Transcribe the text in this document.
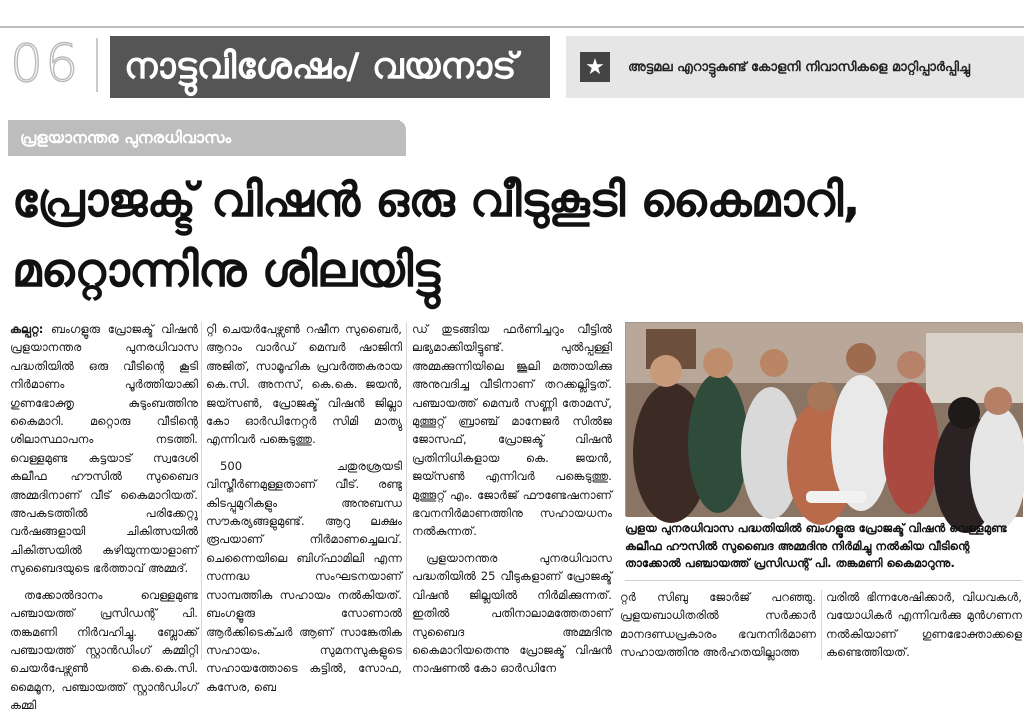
06	നാട്ടുവിശേഷം/ വയനാട്	★	അട്ടമല എറാട്ടുകുണ്ട് കോളനി നിവാസികളെ മാറ്റിപ്പാർപ്പിച്ചു
പ്രളയാനന്തര പുനരധിവാസം
പ്രോജക്ട് വിഷൻ ഒരു വീടുകൂടി കൈമാറി,
മറ്റൊന്നിനു ശിലയിട്ടു

കല്പറ്റ: ബംഗളൂരു പ്രോജക്ട് വിഷൻ പ്രളയാനന്തര പുനരധിവാസ പദ്ധതിയിൽ ഒരു വീടിന്റെ കൂടി നിർമാണം പൂർത്തിയാക്കി ഗുണഭോക്തൃ കുടുംബത്തിനു കൈമാറി. മറ്റൊരു വീടിന്റെ ശിലാസ്ഥാപനം നടത്തി. വെള്ളമുണ്ട കട്ടയാട് സ്വദേശി കലീഫ ഹൗസിൽ സുബൈദ അമ്മദിനാണ് വീട് കൈമാറിയത്. അപകടത്തിൽ പരിക്കേറ്റു വർഷങ്ങളായി ചികിത്സയിൽ ചികിത്സയിൽ കഴിയുന്നയാളാണ് സുബൈദയുടെ ഭർത്താവ് അമ്മദ്.

തക്കോൽദാനം വെള്ളമുണ്ട പഞ്ചായത്ത് പ്രസിഡന്റ് പി. തങ്കമണി നിർവഹിച്ചു. ബ്ലോക്ക് പഞ്ചായത്ത് സ്റ്റാൻഡിംഗ് കമ്മിറ്റി ചെയർപേഴ്സൺ കെ.കെ.സി. മൈമൂന, പഞ്ചായത്ത് സ്റ്റാൻഡിംഗ് കമ്മി

റ്റി ചെയർപേഴ്സൺ റഷീന സുബൈർ, ആറാം വാർഡ് മെമ്പർ ഷാജിനി അജിത്, സാമൂഹിക പ്രവർത്തകരായ കെ.സി. അനസ്, കെ.കെ. ജയൻ, ജയ്സൺ, പ്രോജക്ട് വിഷൻ ജില്ലാ കോ ഓർഡിനേറ്റർ സിമി മാത്യു എന്നിവർ പങ്കെടുത്തു.

500 ചതുരശ്രയടി വിസ്തീർണമുള്ളതാണ് വീട്. രണ്ടു കിടപ്പുമുറികളും അനുബന്ധ സൗകര്യങ്ങളുമുണ്ട്. ആറു ലക്ഷം രൂപയാണ് നിർമാണച്ചെലവ്. ചെന്നൈയിലെ ബിഗ്ഫാമിലി എന്ന സന്നദ്ധ സംഘടനയാണ് സാമ്പത്തിക സഹായം നൽകിയത്. ബംഗളൂരു സോണാൽ ആർക്കിടെക്ചർ ആണ് സാങ്കേതിക സഹായം. സുമനസുകളുടെ സഹായത്തോടെ കട്ടിൽ, സോഫ, കസേര, ബെ

ഡ് തുടങ്ങിയ ഫർണിച്ചറും വീട്ടിൽ ലഭ്യമാക്കിയിട്ടുണ്ട്. പുൽപ്പള്ളി അമ്മക്കുന്നിയിലെ ജൂലി മത്തായിക്കു അനുവദിച്ച വീടിനാണ് തറക്കല്ലിട്ടത്. പഞ്ചായത്ത് മെമ്പർ സണ്ണി തോമസ്, മുത്തൂറ്റ് ബ്രാഞ്ച് മാനേജർ സിൽജ ജോസഫ്, പ്രോജക്ട് വിഷൻ പ്രതിനിധികളായ കെ. ജയൻ, ജയ്സൺ എന്നിവർ പങ്കെടുത്തു. മുത്തൂറ്റ് എം. ജോർജ് ഫൗണ്ടേഷനാണ് ഭവനനിർമാണത്തിനു സഹായധനം നൽകുന്നത്.

പ്രളയാനന്തര പുനരധിവാസ പദ്ധതിയിൽ 25 വീടുകളാണ് പ്രോജക്ട് വിഷൻ ജില്ലയിൽ നിർമിക്കുന്നത്. ഇതിൽ പതിനാലാമത്തേതാണ് സുബൈദ അമ്മദിനു കൈമാറിയതെന്നു പ്രോജക്ട് വിഷൻ നാഷണൽ കോ ഓർഡിനേ

പ്രളയ പുനരധിവാസ പദ്ധതിയിൽ ബംഗളൂരു പ്രോജക്ട് വിഷൻ വെള്ളമുണ്ട കലീഫ ഹൗസിൽ സുബൈദ അമ്മദിനു നിർമിച്ചു നൽകിയ വീടിന്റെ താക്കോൽ പഞ്ചായത്ത് പ്രസിഡന്റ് പി. തങ്കമണി കൈമാറുന്നു.

റ്റർ സിബു ജോർജ് പറഞ്ഞു. പ്രളയബാധിതരിൽ സർക്കാർ മാനദണ്ഡപ്രകാരം ഭവനനിർമാണ സഹായത്തിനു അർഹതയില്ലാത്ത

വരിൽ ഭിന്നശേഷിക്കാർ, വിധവകൾ, വയോധികർ എന്നിവർക്കു മുൻഗണന നൽകിയാണ് ഗുണഭോക്താക്കളെ കണ്ടെത്തിയത്.
